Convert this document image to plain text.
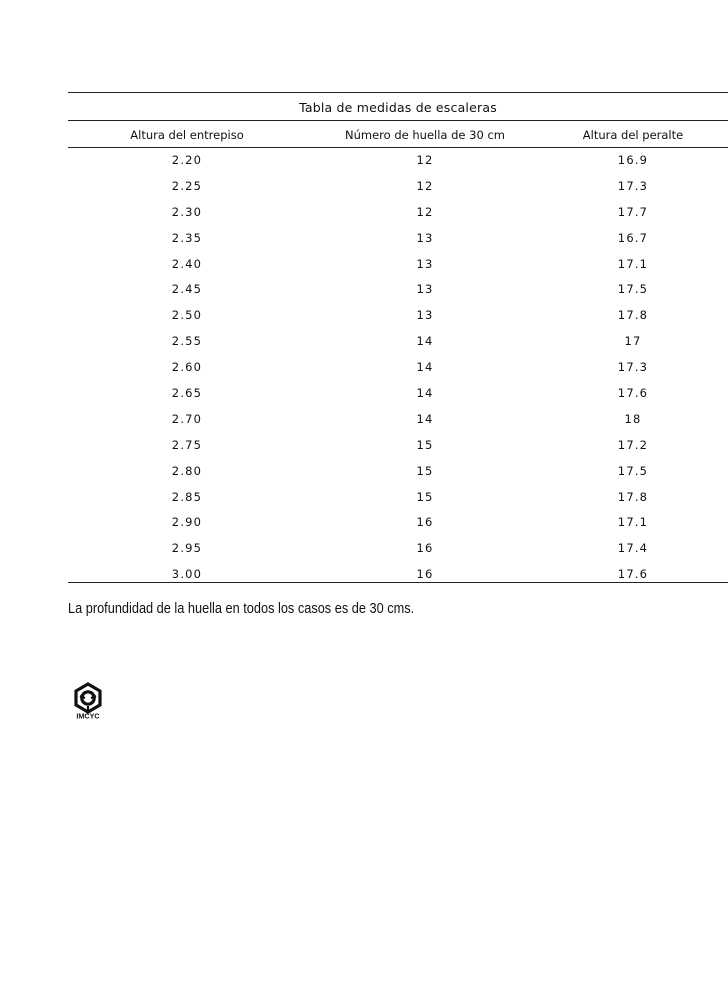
Tabla de medidas de escaleras
Altura del entrepiso	Número de huella de 30 cm	Altura del peralte
2.20	12	16.9
2.25	12	17.3
2.30	12	17.7
2.35	13	16.7
2.40	13	17.1
2.45	13	17.5
2.50	13	17.8
2.55	14	17
2.60	14	17.3
2.65	14	17.6
2.70	14	18
2.75	15	17.2
2.80	15	17.5
2.85	15	17.8
2.90	16	17.1
2.95	16	17.4
3.00	16	17.6
La profundidad de la huella en todos los casos es de 30 cms.
IMCYC
